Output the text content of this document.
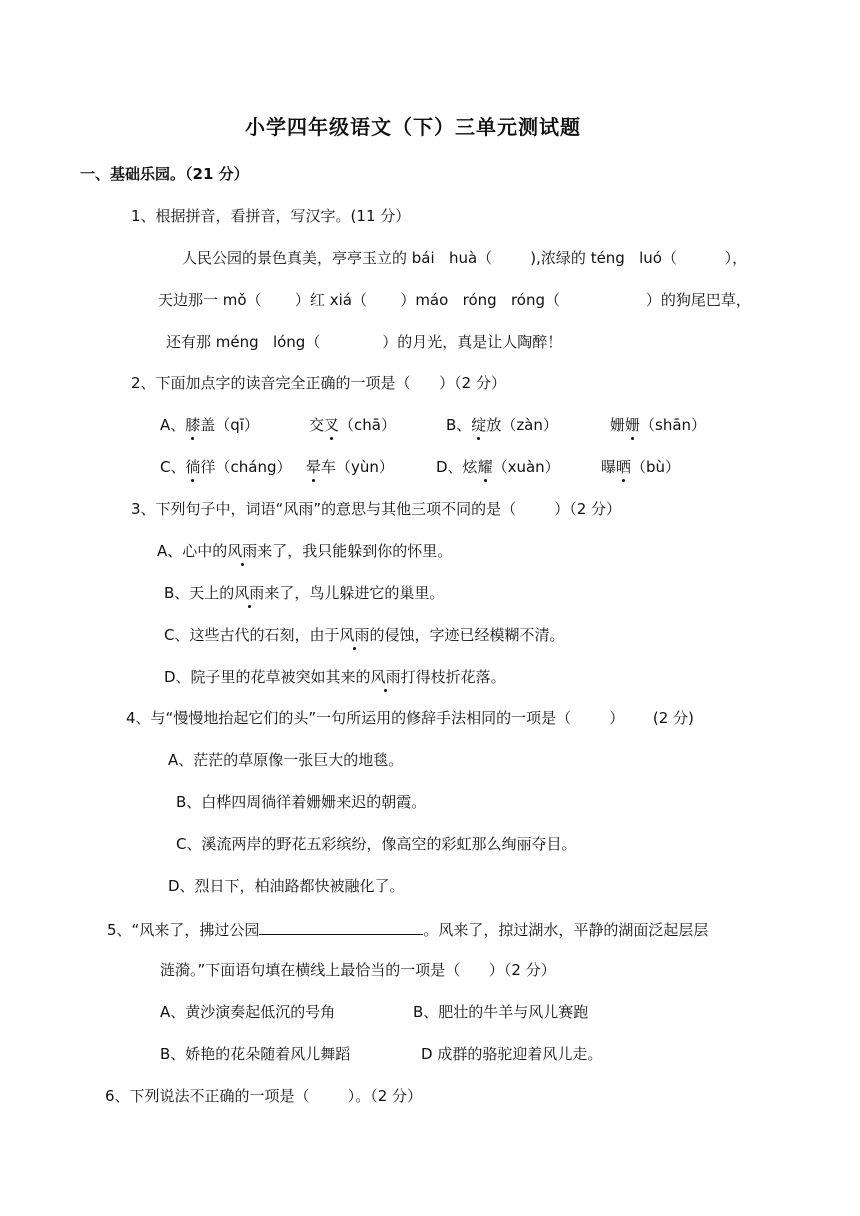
小学四年级语文（下）三单元测试题
一、基础乐园。（21 分）
1、根据拼音，看拼音，写汉字。(11 分）
人民公园的景色真美，亭亭玉立的 bái   huà（        ),浓绿的 téng   luó（          ），
天边那一 mǒ（       ）红 xiá（       ）máo   róng   róng（                  ）的狗尾巴草，
还有那 méng   lóng（             ）的月光，真是让人陶醉！
2、下面加点字的读音完全正确的一项是（      ）（2 分）
A、膝盖（qī）	交叉（chā）	B、绽放（zàn）	姗姗（shān）
C、徜徉（cháng） 晕车（yùn）	D、炫耀（xuàn）	曝晒（bù）
3、下列句子中，词语“风雨”的意思与其他三项不同的是（        ）（2 分）
A、心中的风雨来了，我只能躲到你的怀里。
B、天上的风雨来了，鸟儿躲进它的巢里。
C、这些古代的石刻，由于风雨的侵蚀，字迹已经模糊不清。
D、院子里的花草被突如其来的风雨打得枝折花落。
4、与“慢慢地抬起它们的头”一句所运用的修辞手法相同的一项是（        ）      (2 分)
A、茫茫的草原像一张巨大的地毯。
B、白桦四周徜徉着姗姗来迟的朝霞。
C、溪流两岸的野花五彩缤纷，像高空的彩虹那么绚丽夺目。
D、烈日下，柏油路都快被融化了。
5、“风来了，拂过公园	。风来了，掠过湖水，平静的湖面泛起层层
涟漪。”下面语句填在横线上最恰当的一项是（      ）（2 分）
A、黄沙演奏起低沉的号角	B、肥壮的牛羊与风儿赛跑
B、娇艳的花朵随着风儿舞蹈	D 成群的骆驼迎着风儿走。
6、下列说法不正确的一项是（        ）。（2 分）
